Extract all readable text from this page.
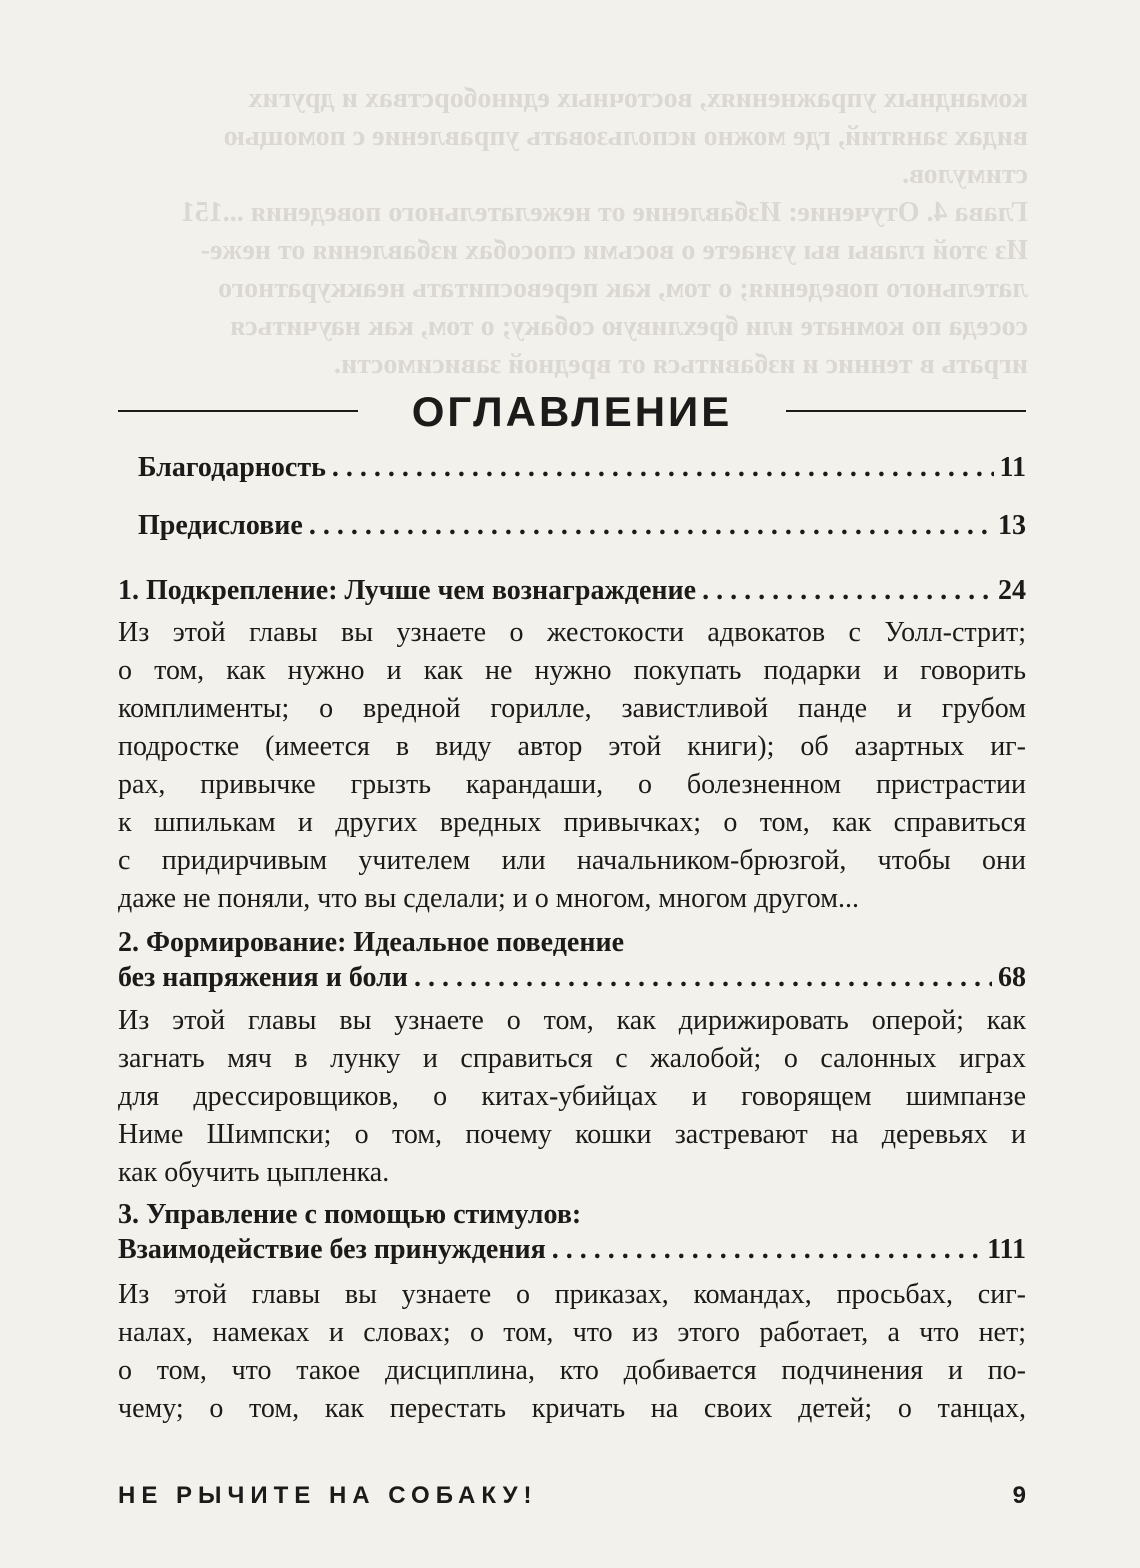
командных упражнениях, восточных единоборствах и других

видах занятий, где можно использовать управление с помощью

стимулов.

Глава 4. Отучение: Избавление от нежелательного поведения ...151

Из этой главы вы узнаете о восьми способах избавления от неже-

лательного поведения; о том, как перевоспитать неаккуратного

соседа по комнате или брехливую собаку; о том, как научиться

играть в теннис и избавиться от вредной зависимости.

ОГЛАВЛЕНИЕ
Благодарность . . .	11
Предисловие . . .	13
1. Подкрепление: Лучше чем вознаграждение . . .	24
Из этой главы вы узнаете о жестокости адвокатов с Уолл-стрит;
о том, как нужно и как не нужно покупать подарки и говорить
комплименты; о вредной горилле, завистливой панде и грубом
подростке (имеется в виду автор этой книги); об азартных иг-
рах, привычке грызть карандаши, о болезненном пристрастии
к шпилькам и других вредных привычках; о том, как справиться
с придирчивым учителем или начальником-брюзгой, чтобы они
даже не поняли, что вы сделали; и о многом, многом другом...
2. Формирование: Идеальное поведение
без напряжения и боли . . .	68
Из этой главы вы узнаете о том, как дирижировать оперой; как
загнать мяч в лунку и справиться с жалобой; о салонных играх
для дрессировщиков, о китах-убийцах и говорящем шимпанзе
Ниме Шимпски; о том, почему кошки застревают на деревьях и
как обучить цыпленка.
3. Управление с помощью стимулов:
Взаимодействие без принуждения . . .	111
Из этой главы вы узнаете о приказах, командах, просьбах, сиг-
налах, намеках и словах; о том, что из этого работает, а что нет;
о том, что такое дисциплина, кто добивается подчинения и по-
чему; о том, как перестать кричать на своих детей; о танцах,
НЕ РЫЧИТЕ НА СОБАКУ!	9
